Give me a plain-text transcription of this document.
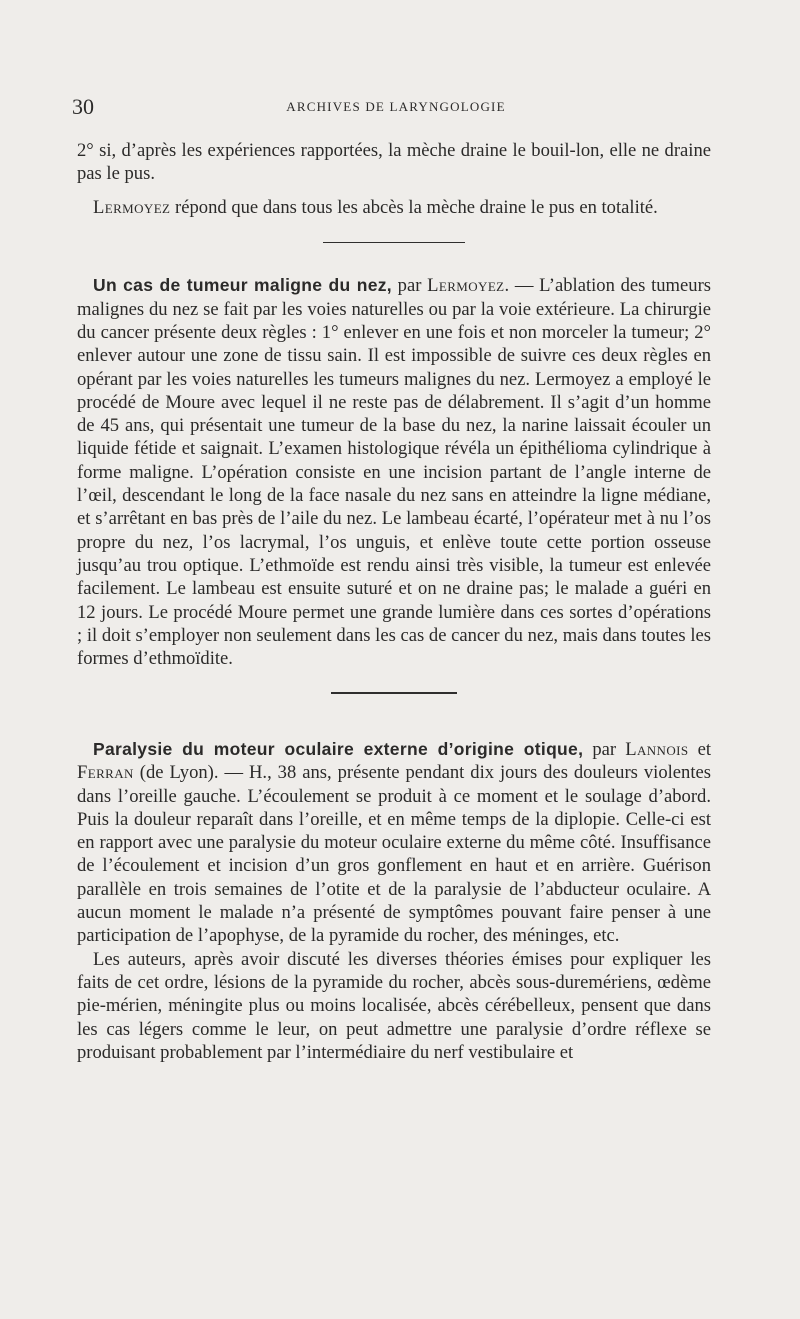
30	ARCHIVES DE LARYNGOLOGIE

2° si, d’après les expériences rapportées, la mèche draine le bouil-lon, elle ne draine pas le pus.

Lermoyez répond que dans tous les abcès la mèche draine le pus en totalité.

Un cas de tumeur maligne du nez, par Lermoyez. — L’ablation des tumeurs malignes du nez se fait par les voies naturelles ou par la voie extérieure. La chirurgie du cancer présente deux règles : 1° enlever en une fois et non morceler la tumeur; 2° enlever autour une zone de tissu sain. Il est impossible de suivre ces deux règles en opérant par les voies naturelles les tumeurs malignes du nez. Lermoyez a employé le procédé de Moure avec lequel il ne reste pas de délabrement. Il s’agit d’un homme de 45 ans, qui présentait une tumeur de la base du nez, la narine laissait écouler un liquide fétide et saignait. L’examen histologique révéla un épithélioma cylindrique à forme maligne. L’opération consiste en une incision partant de l’angle interne de l’œil, descendant le long de la face nasale du nez sans en atteindre la ligne médiane, et s’arrêtant en bas près de l’aile du nez. Le lambeau écarté, l’opérateur met à nu l’os propre du nez, l’os lacrymal, l’os unguis, et enlève toute cette portion osseuse jusqu’au trou optique. L’ethmoïde est rendu ainsi très visible, la tumeur est enlevée facilement. Le lambeau est ensuite suturé et on ne draine pas; le malade a guéri en 12 jours. Le procédé Moure permet une grande lumière dans ces sortes d’opérations ; il doit s’employer non seulement dans les cas de cancer du nez, mais dans toutes les formes d’ethmoïdite.

Paralysie du moteur oculaire externe d’origine otique, par Lannois et Ferran (de Lyon). — H., 38 ans, présente pendant dix jours des douleurs violentes dans l’oreille gauche. L’écoulement se produit à ce moment et le soulage d’abord. Puis la douleur reparaît dans l’oreille, et en même temps de la diplopie. Celle-ci est en rapport avec une paralysie du moteur oculaire externe du même côté. Insuffisance de l’écoulement et incision d’un gros gonflement en haut et en arrière. Guérison parallèle en trois semaines de l’otite et de la paralysie de l’abducteur oculaire. A aucun moment le malade n’a présenté de symptômes pouvant faire penser à une participation de l’apophyse, de la pyramide du rocher, des méninges, etc.

Les auteurs, après avoir discuté les diverses théories émises pour expliquer les faits de cet ordre, lésions de la pyramide du rocher, abcès sous-duremériens, œdème pie-mérien, méningite plus ou moins localisée, abcès cérébelleux, pensent que dans les cas légers comme le leur, on peut admettre une paralysie d’ordre réflexe se produisant probablement par l’intermédiaire du nerf vestibulaire et
